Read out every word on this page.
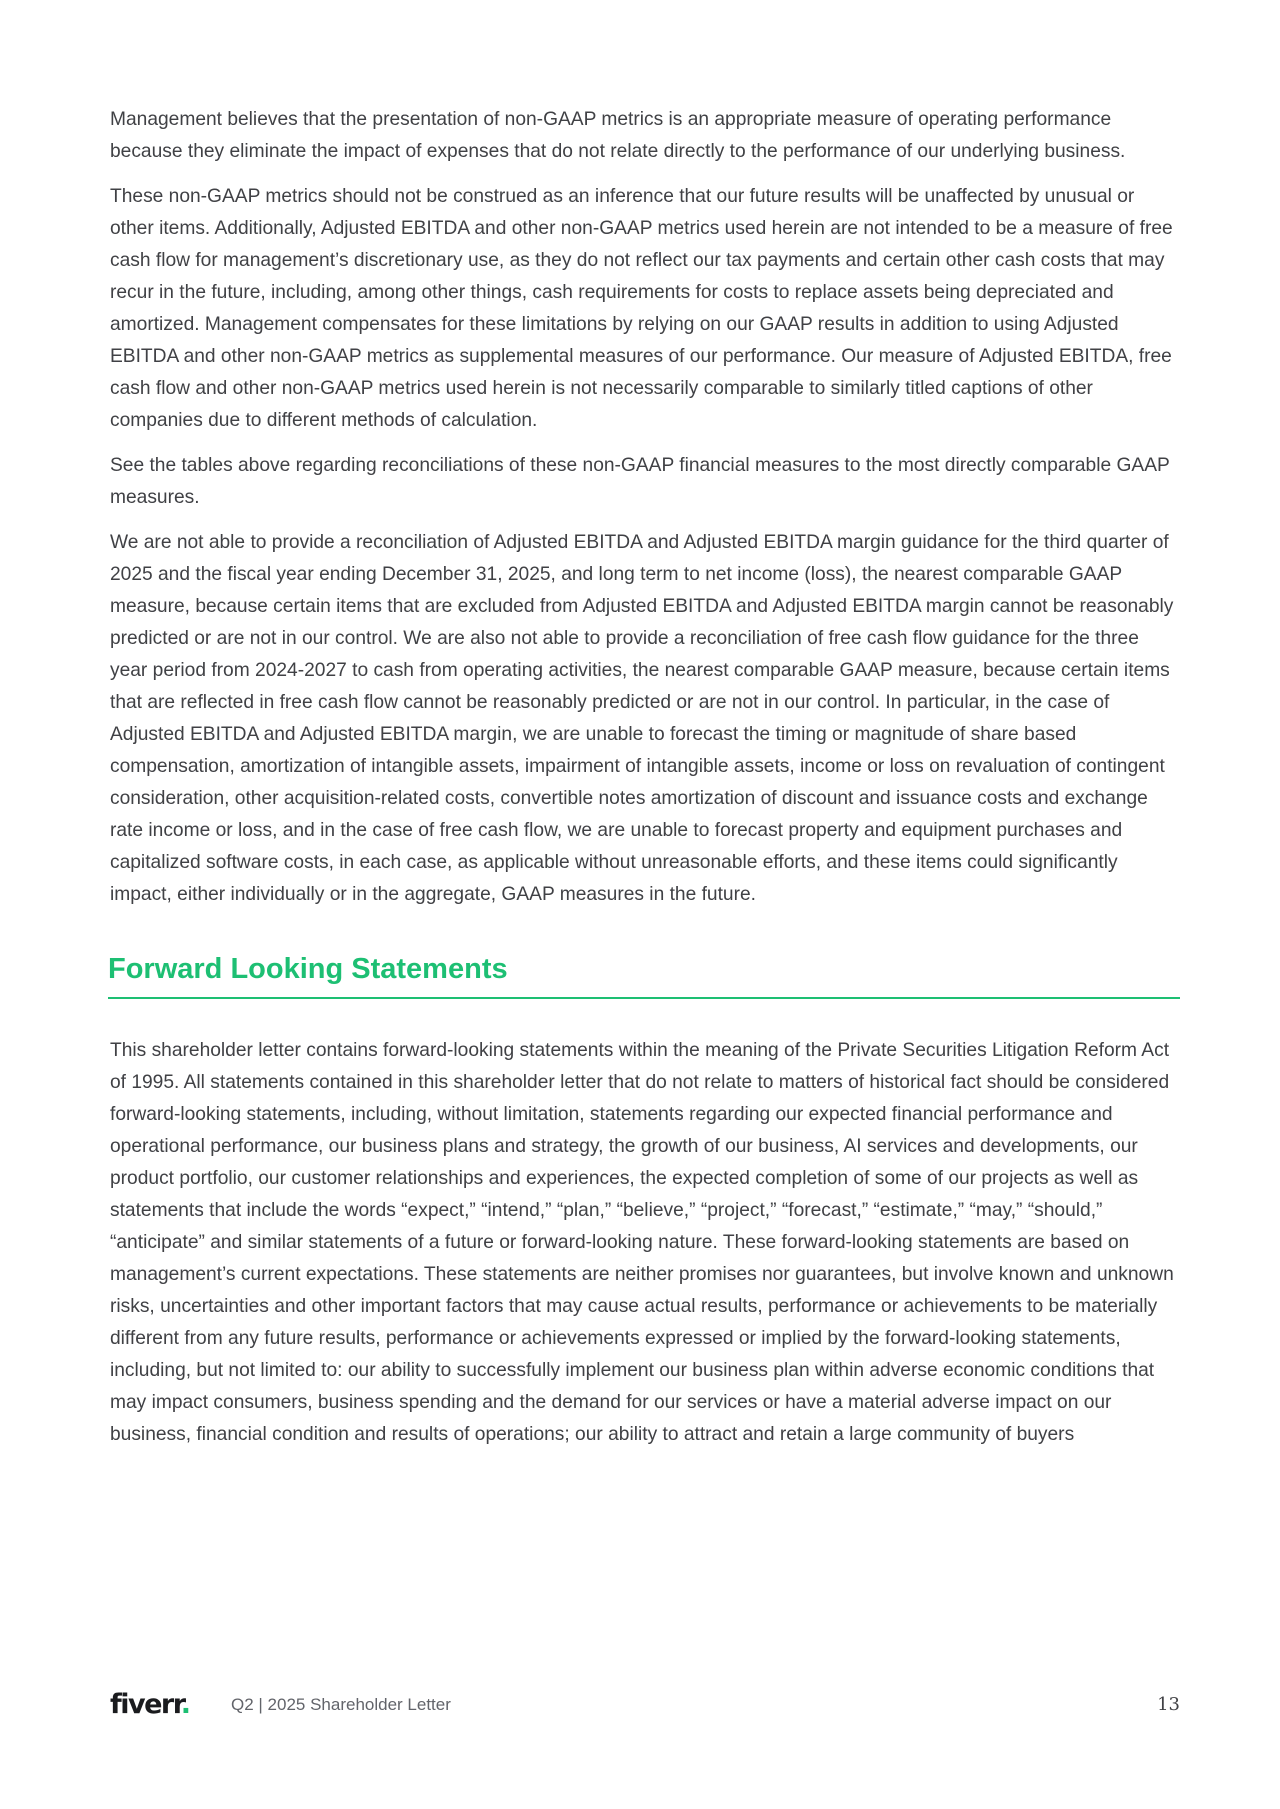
Management believes that the presentation of non-GAAP metrics is an appropriate measure of operating performance because they eliminate the impact of expenses that do not relate directly to the performance of our underlying business.

These non-GAAP metrics should not be construed as an inference that our future results will be unaffected by unusual or other items. Additionally, Adjusted EBITDA and other non-GAAP metrics used herein are not intended to be a measure of free cash flow for management’s discretionary use, as they do not reflect our tax payments and certain other cash costs that may recur in the future, including, among other things, cash requirements for costs to replace assets being depreciated and amortized. Management compensates for these limitations by relying on our GAAP results in addition to using Adjusted EBITDA and other non-GAAP metrics as supplemental measures of our performance. Our measure of Adjusted EBITDA, free cash flow and other non-GAAP metrics used herein is not necessarily comparable to similarly titled captions of other companies due to different methods of calculation.

See the tables above regarding reconciliations of these non-GAAP financial measures to the most directly comparable GAAP measures.

We are not able to provide a reconciliation of Adjusted EBITDA and Adjusted EBITDA margin guidance for the third quarter of 2025 and the fiscal year ending December 31, 2025, and long term to net income (loss), the nearest comparable GAAP measure, because certain items that are excluded from Adjusted EBITDA and Adjusted EBITDA margin cannot be reasonably predicted or are not in our control. We are also not able to provide a reconciliation of free cash flow guidance for the three year period from 2024-2027 to cash from operating activities, the nearest comparable GAAP measure, because certain items that are reflected in free cash flow cannot be reasonably predicted or are not in our control. In particular, in the case of Adjusted EBITDA and Adjusted EBITDA margin, we are unable to forecast the timing or magnitude of share based compensation, amortization of intangible assets, impairment of intangible assets, income or loss on revaluation of contingent consideration, other acquisition-related costs, convertible notes amortization of discount and issuance costs and exchange rate income or loss, and in the case of free cash flow, we are unable to forecast property and equipment purchases and capitalized software costs, in each case, as applicable without unreasonable efforts, and these items could significantly impact, either individually or in the aggregate, GAAP measures in the future.

Forward Looking Statements

This shareholder letter contains forward-looking statements within the meaning of the Private Securities Litigation Reform Act of 1995. All statements contained in this shareholder letter that do not relate to matters of historical fact should be considered forward-looking statements, including, without limitation, statements regarding our expected financial performance and operational performance, our business plans and strategy, the growth of our business, AI services and developments, our product portfolio, our customer relationships and experiences, the expected completion of some of our projects as well as statements that include the words “expect,” “intend,” “plan,” “believe,” “project,” “forecast,” “estimate,” “may,” “should,” “anticipate” and similar statements of a future or forward-looking nature. These forward-looking statements are based on management’s current expectations. These statements are neither promises nor guarantees, but involve known and unknown risks, uncertainties and other important factors that may cause actual results, performance or achievements to be materially different from any future results, performance or achievements expressed or implied by the forward-looking statements, including, but not limited to: our ability to successfully implement our business plan within adverse economic conditions that may impact consumers, business spending and the demand for our services or have a material adverse impact on our business, financial condition and results of operations; our ability to attract and retain a large community of buyers

fiverr. Q2 | 2025 Shareholder Letter	13
